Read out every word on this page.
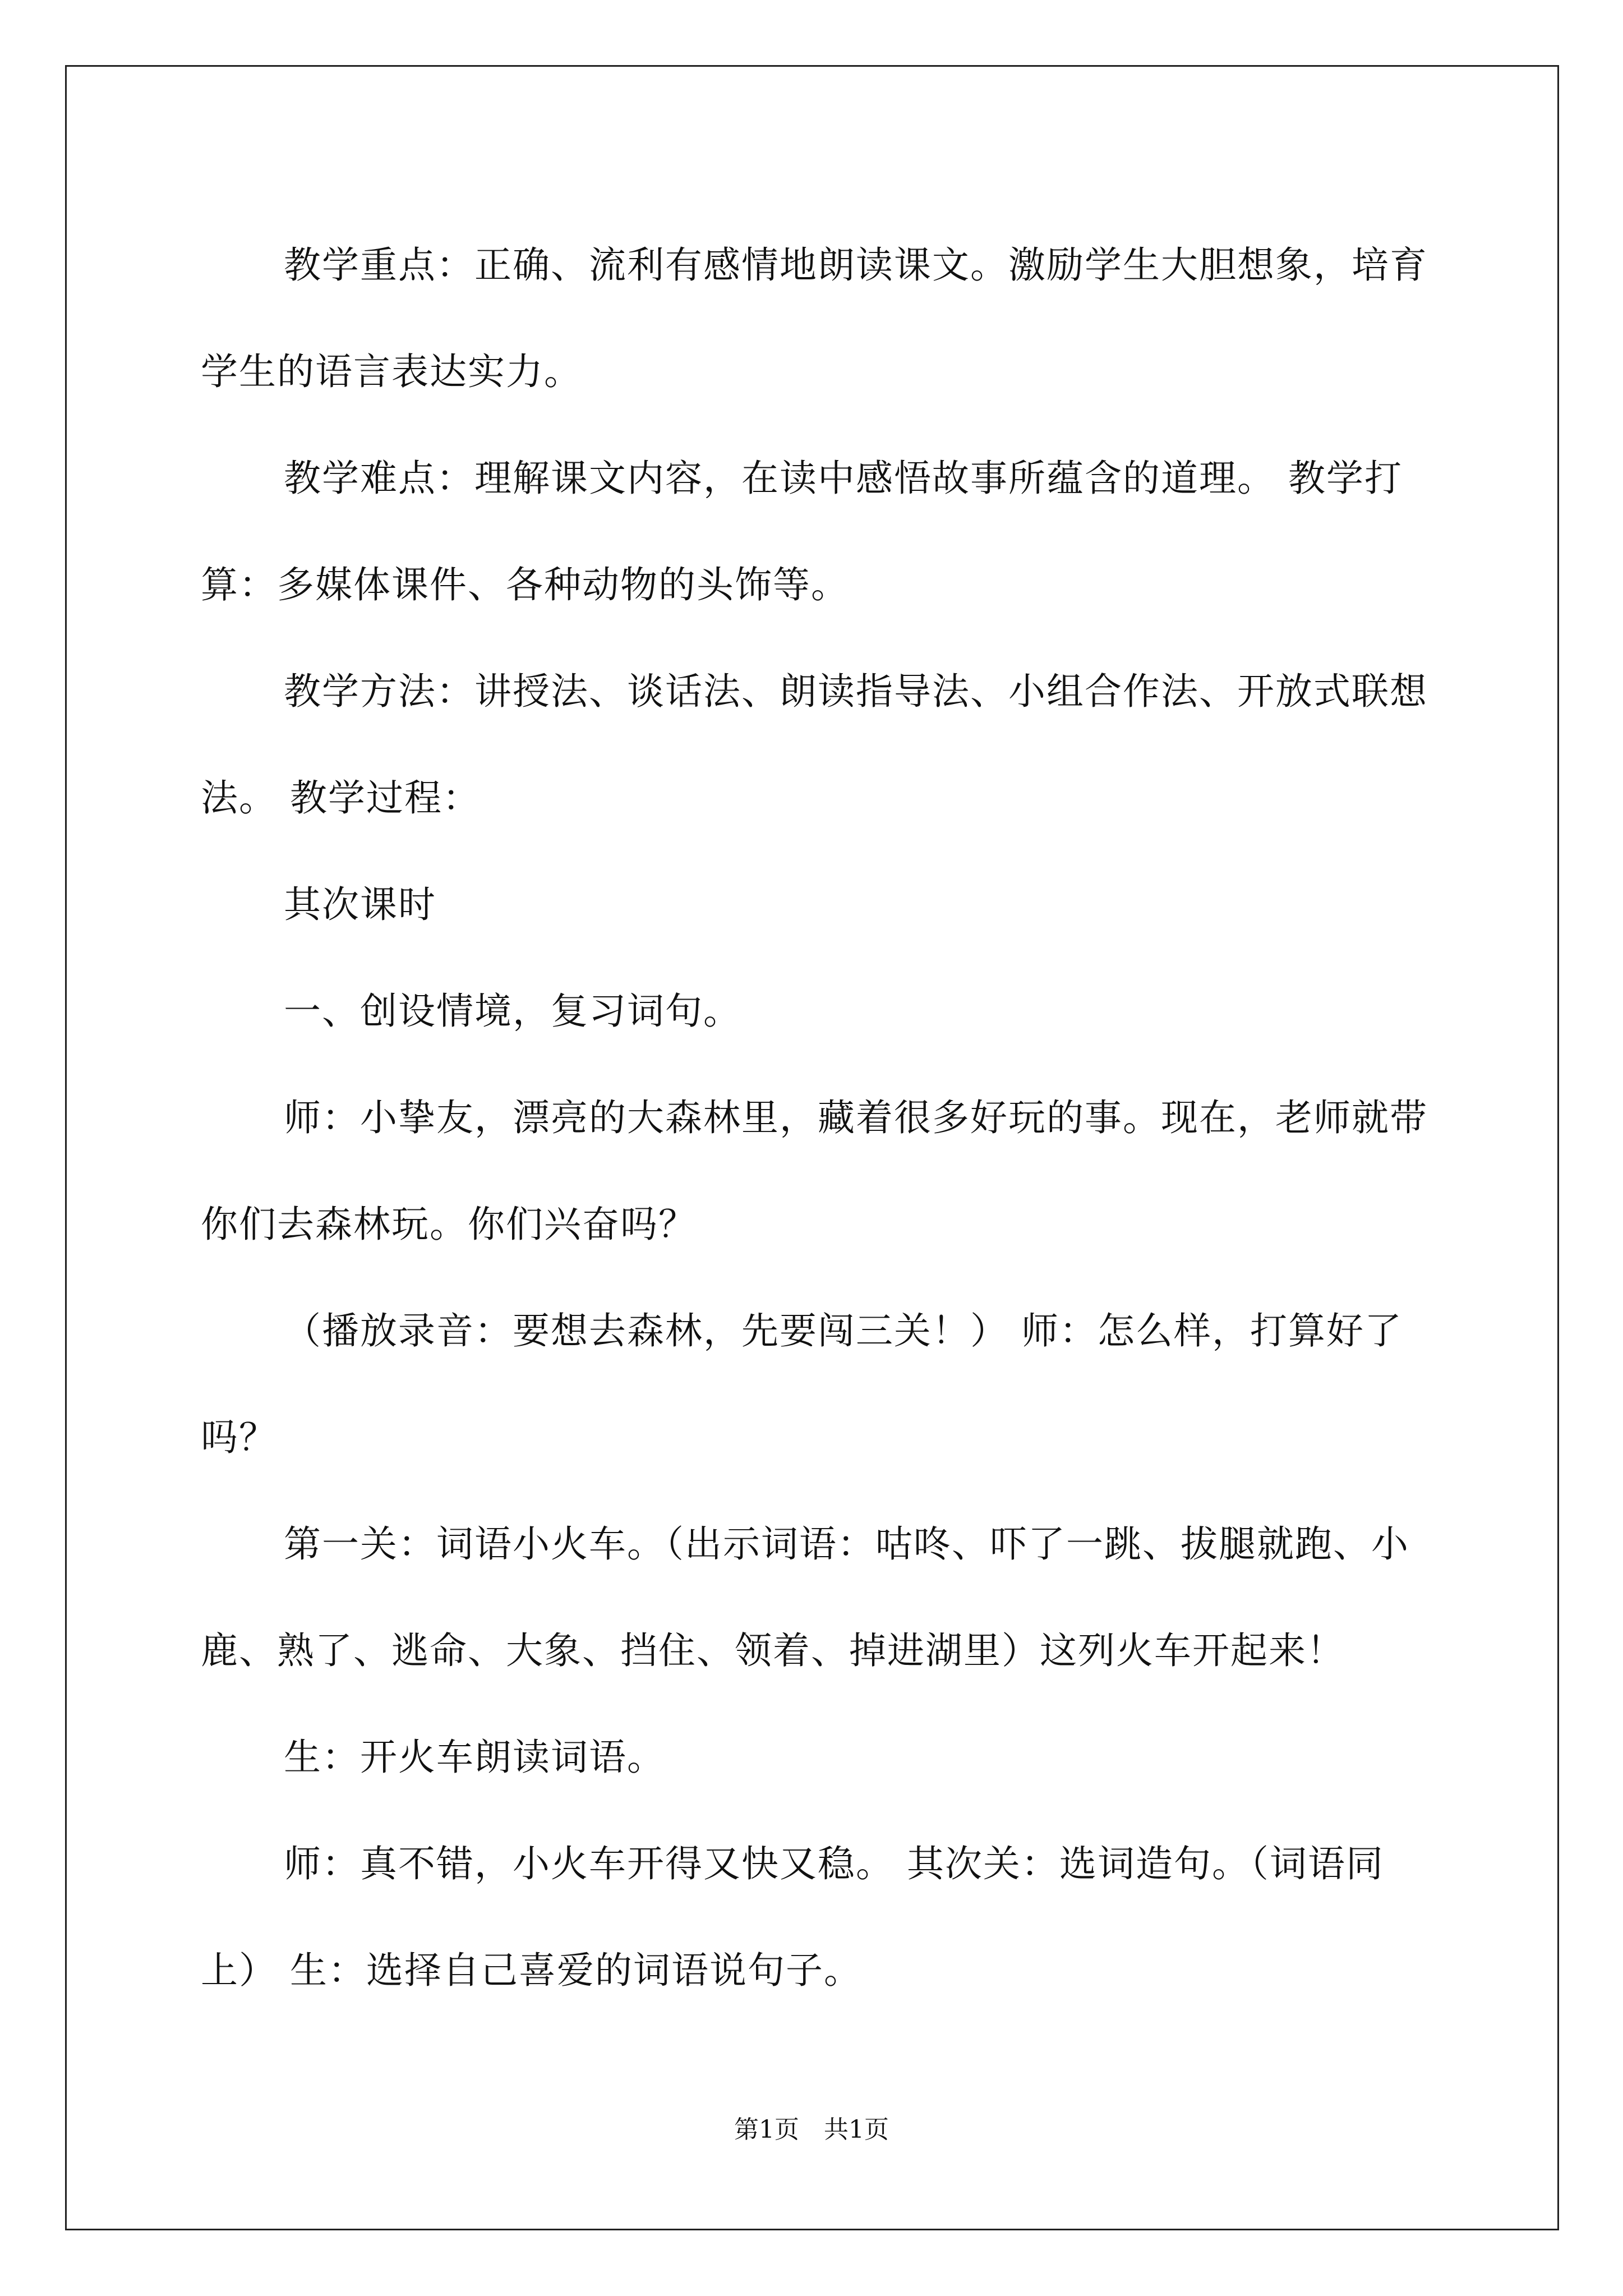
教学重点：正确、流利有感情地朗读课文。激励学生大胆想象，培育学生的语言表达实力。

教学难点：理解课文内容，在读中感悟故事所蕴含的道理。 教学打算：多媒体课件、各种动物的头饰等。

教学方法：讲授法、谈话法、朗读指导法、小组合作法、开放式联想法。 教学过程：

其次课时

一、创设情境，复习词句。

师：小挚友，漂亮的大森林里，藏着很多好玩的事。现在，老师就带你们去森林玩。你们兴奋吗？

（播放录音：要想去森林，先要闯三关！） 师：怎么样，打算好了吗？

第一关：词语小火车。（出示词语：咕咚、吓了一跳、拔腿就跑、小鹿、熟了、逃命、大象、挡住、领着、掉进湖里）这列火车开起来！

生：开火车朗读词语。

师：真不错，小火车开得又快又稳。 其次关：选词造句。（词语同上） 生：选择自己喜爱的词语说句子。

第1页　共1页
